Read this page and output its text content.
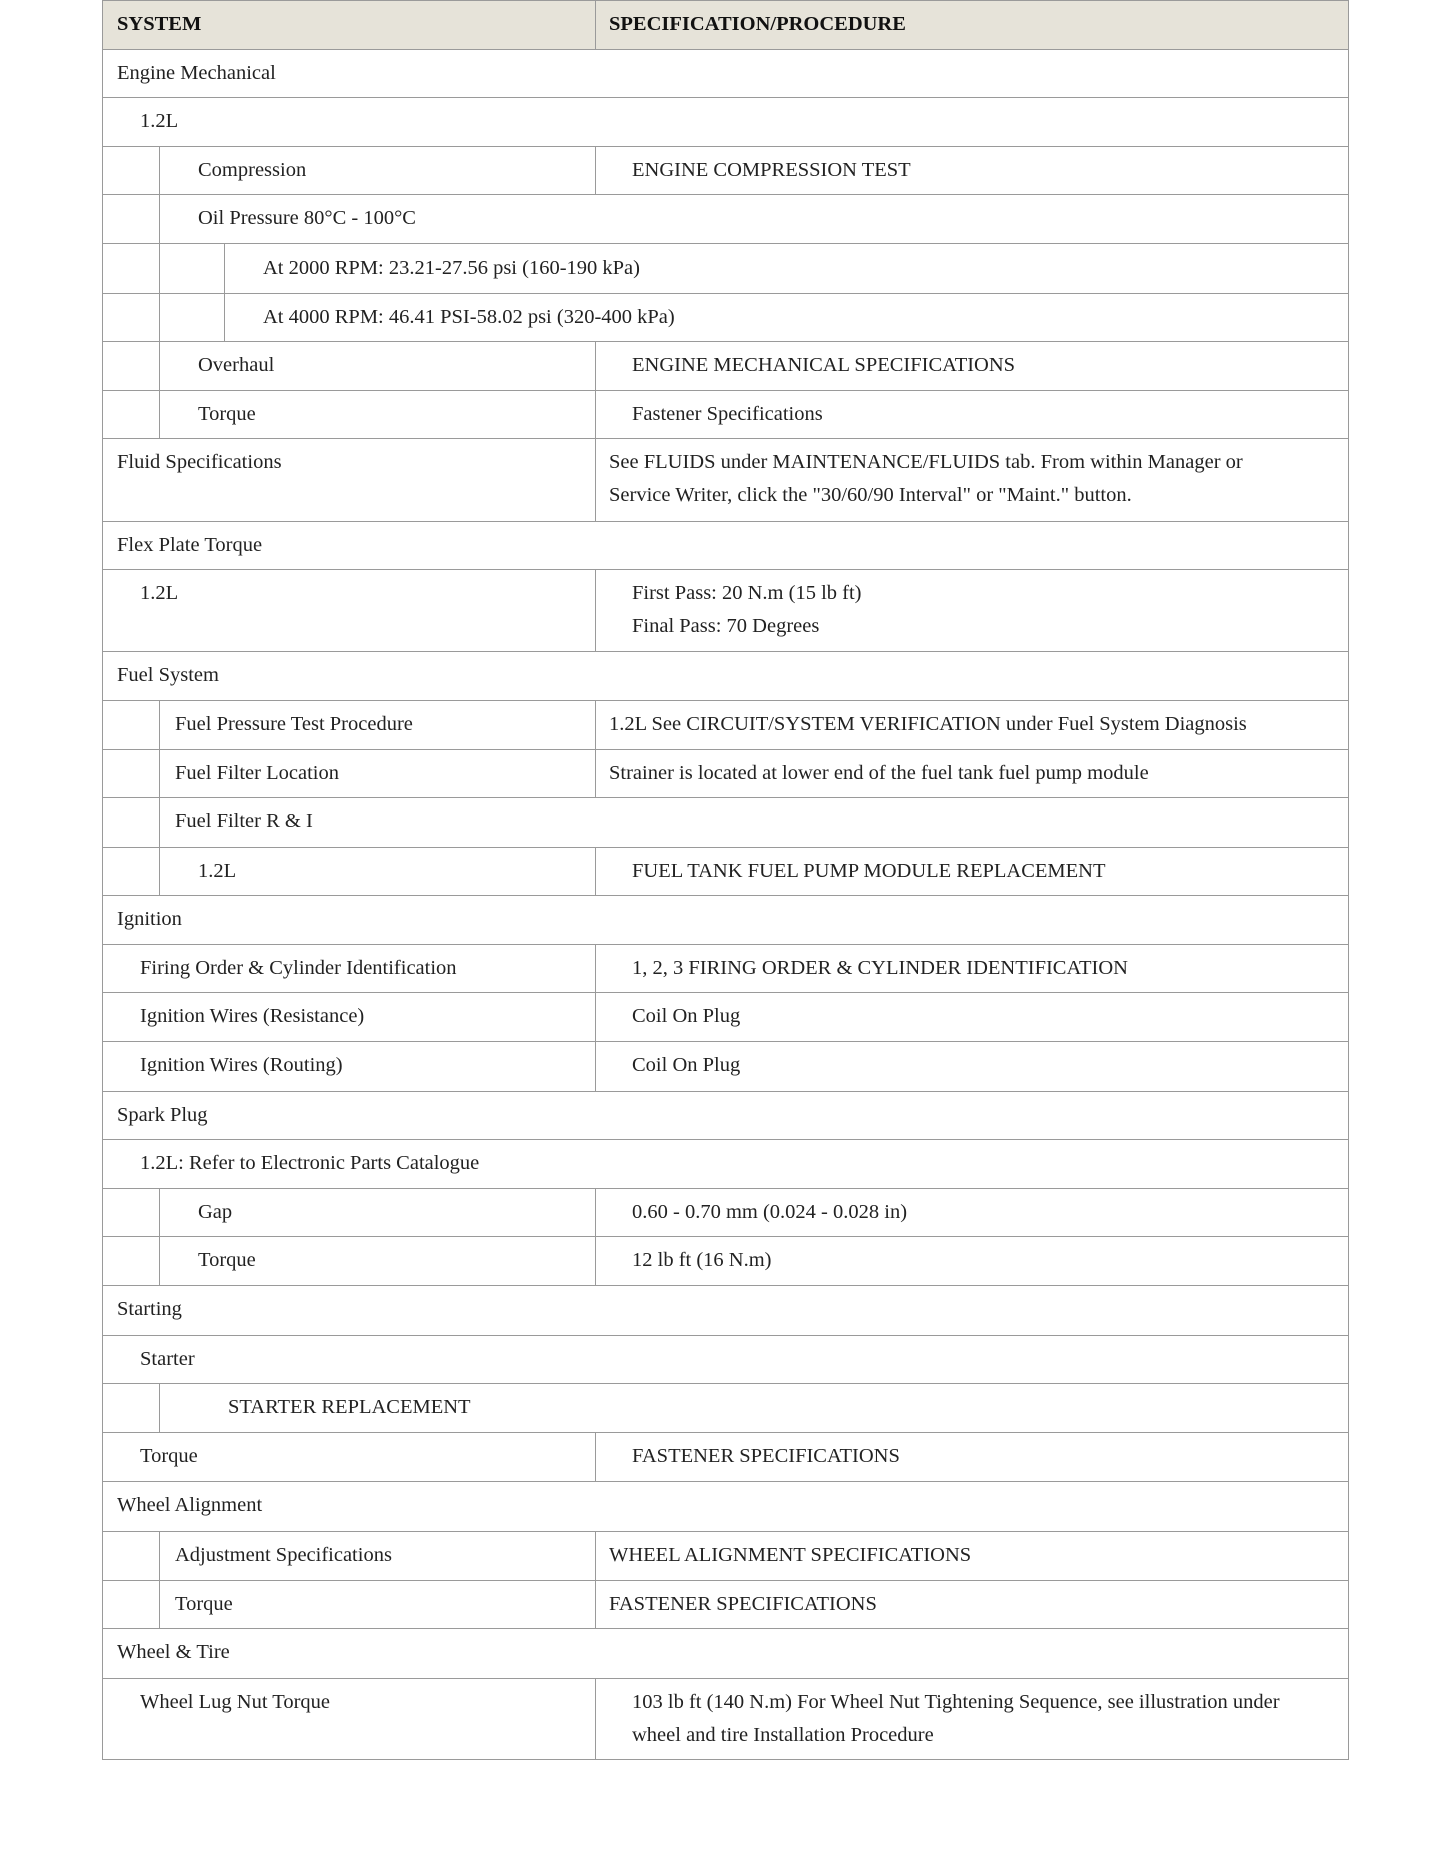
SYSTEM	SPECIFICATION/PROCEDURE
Engine Mechanical
1.2L
Compression	ENGINE COMPRESSION TEST
Oil Pressure 80°C - 100°C
At 2000 RPM: 23.21-27.56 psi (160-190 kPa)
At 4000 RPM: 46.41 PSI-58.02 psi (320-400 kPa)
Overhaul	ENGINE MECHANICAL SPECIFICATIONS
Torque	Fastener Specifications
Fluid Specifications	See FLUIDS under MAINTENANCE/FLUIDS tab. From within Manager or Service Writer, click the "30/60/90 Interval" or "Maint." button.
Flex Plate Torque
1.2L	First Pass: 20 N.m (15 lb ft)
Final Pass: 70 Degrees
Fuel System
Fuel Pressure Test Procedure	1.2L See CIRCUIT/SYSTEM VERIFICATION under Fuel System Diagnosis
Fuel Filter Location	Strainer is located at lower end of the fuel tank fuel pump module
Fuel Filter R & I
1.2L	FUEL TANK FUEL PUMP MODULE REPLACEMENT
Ignition
Firing Order & Cylinder Identification	1, 2, 3 FIRING ORDER & CYLINDER IDENTIFICATION
Ignition Wires (Resistance)	Coil On Plug
Ignition Wires (Routing)	Coil On Plug
Spark Plug
1.2L: Refer to Electronic Parts Catalogue
Gap	0.60 - 0.70 mm (0.024 - 0.028 in)
Torque	12 lb ft (16 N.m)
Starting
Starter
STARTER REPLACEMENT
Torque	FASTENER SPECIFICATIONS
Wheel Alignment
Adjustment Specifications	WHEEL ALIGNMENT SPECIFICATIONS
Torque	FASTENER SPECIFICATIONS
Wheel & Tire
Wheel Lug Nut Torque	103 lb ft (140 N.m) For Wheel Nut Tightening Sequence, see illustration under wheel and tire Installation Procedure
